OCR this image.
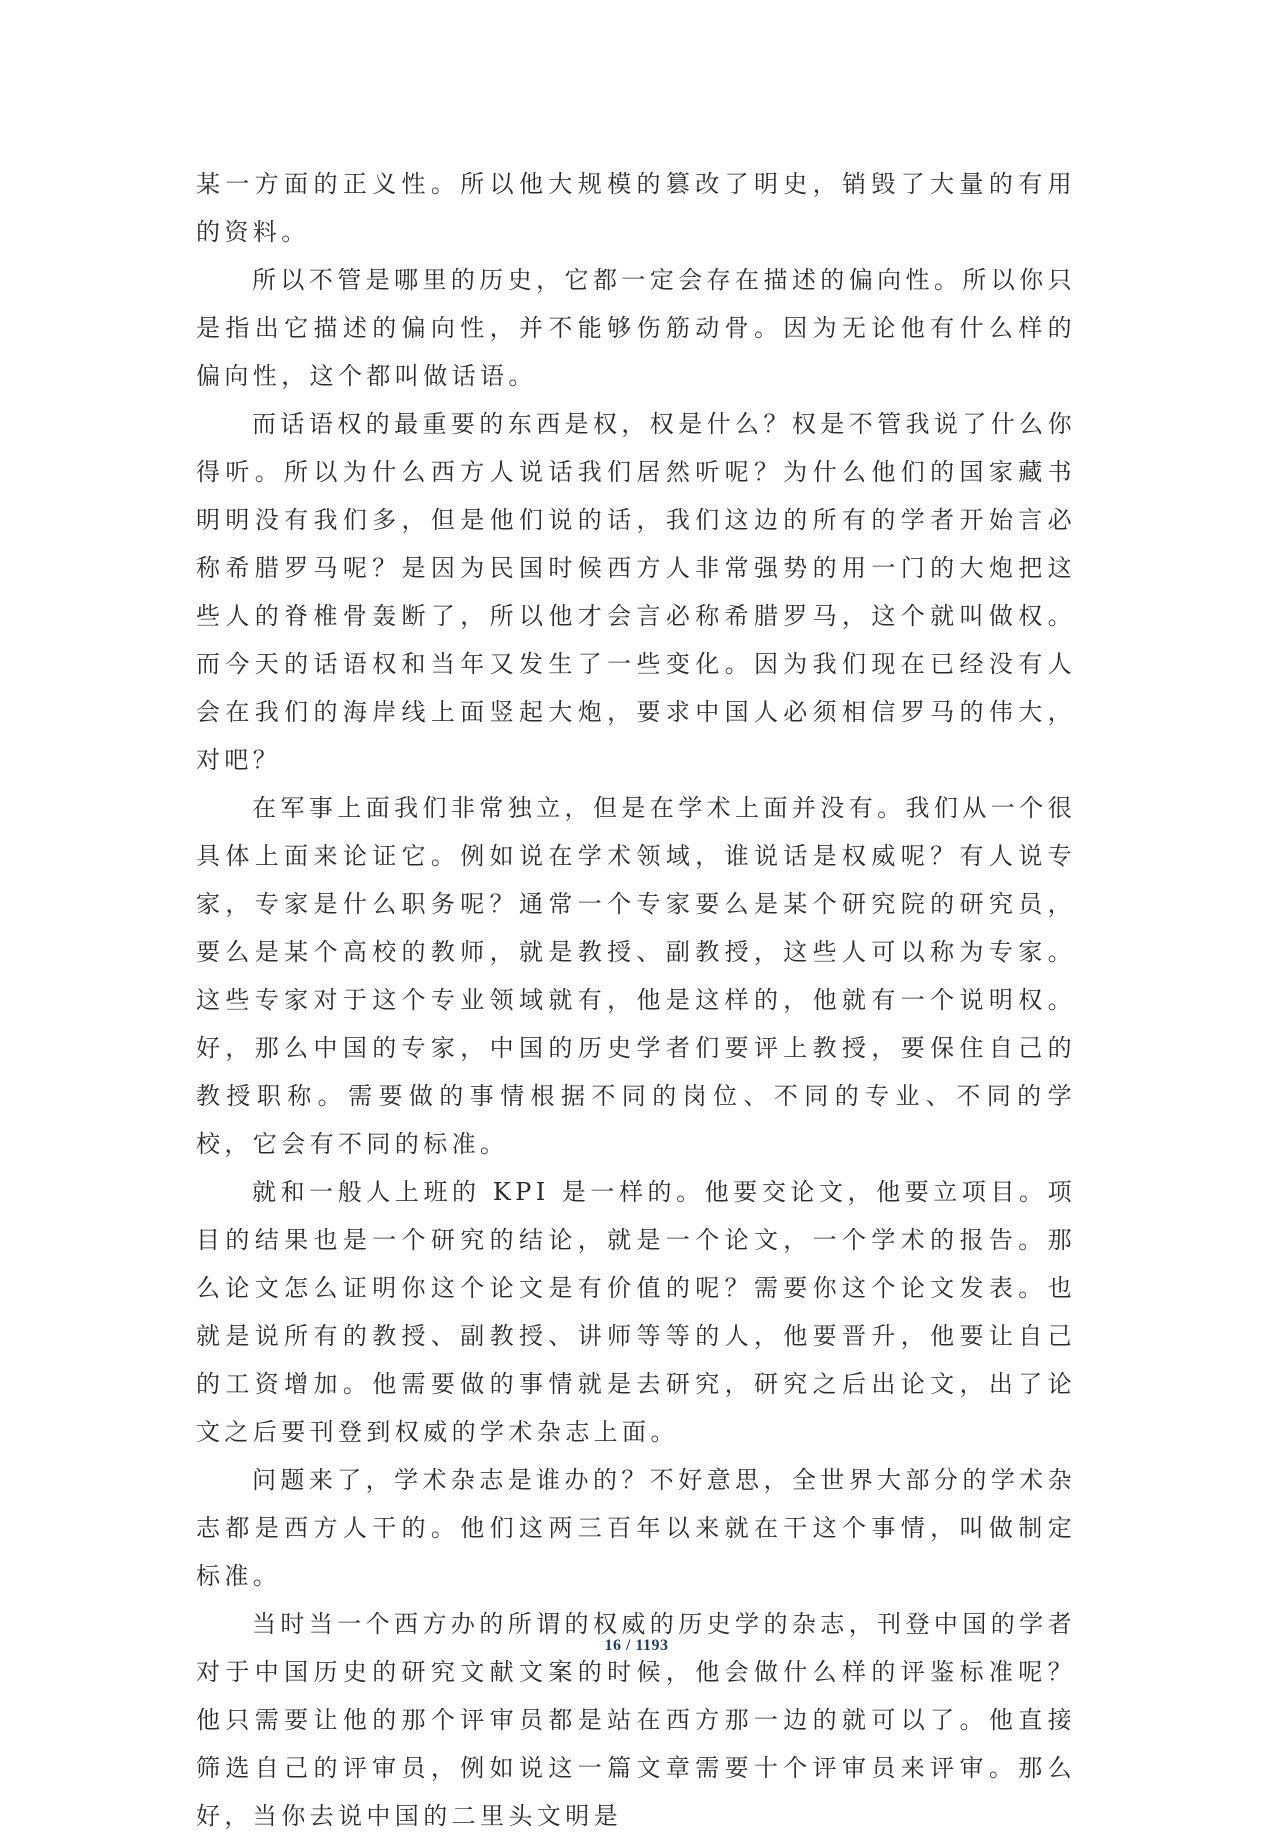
某一方面的正义性。所以他大规模的篡改了明史，销毁了大量的有用的资料。

所以不管是哪里的历史，它都一定会存在描述的偏向性。所以你只是指出它描述的偏向性，并不能够伤筋动骨。因为无论他有什么样的偏向性，这个都叫做话语。

而话语权的最重要的东西是权，权是什么？权是不管我说了什么你得听。所以为什么西方人说话我们居然听呢？为什么他们的国家藏书明明没有我们多，但是他们说的话，我们这边的所有的学者开始言必称希腊罗马呢？是因为民国时候西方人非常强势的用一门的大炮把这些人的脊椎骨轰断了，所以他才会言必称希腊罗马，这个就叫做权。而今天的话语权和当年又发生了一些变化。因为我们现在已经没有人会在我们的海岸线上面竖起大炮，要求中国人必须相信罗马的伟大，对吧？

在军事上面我们非常独立，但是在学术上面并没有。我们从一个很具体上面来论证它。例如说在学术领域，谁说话是权威呢？有人说专家，专家是什么职务呢？通常一个专家要么是某个研究院的研究员，要么是某个高校的教师，就是教授、副教授，这些人可以称为专家。这些专家对于这个专业领域就有，他是这样的，他就有一个说明权。好，那么中国的专家，中国的历史学者们要评上教授，要保住自己的教授职称。需要做的事情根据不同的岗位、不同的专业、不同的学校，它会有不同的标准。

就和一般人上班的 KPI 是一样的。他要交论文，他要立项目。项目的结果也是一个研究的结论，就是一个论文，一个学术的报告。那么论文怎么证明你这个论文是有价值的呢？需要你这个论文发表。也就是说所有的教授、副教授、讲师等等的人，他要晋升，他要让自己的工资增加。他需要做的事情就是去研究，研究之后出论文，出了论文之后要刊登到权威的学术杂志上面。

问题来了，学术杂志是谁办的？不好意思，全世界大部分的学术杂志都是西方人干的。他们这两三百年以来就在干这个事情，叫做制定标准。

当时当一个西方办的所谓的权威的历史学的杂志，刊登中国的学者对于中国历史的研究文献文案的时候，他会做什么样的评鉴标准呢？他只需要让他的那个评审员都是站在西方那一边的就可以了。他直接筛选自己的评审员，例如说这一篇文章需要十个评审员来评审。那么好，当你去说中国的二里头文明是

16 / 1193
